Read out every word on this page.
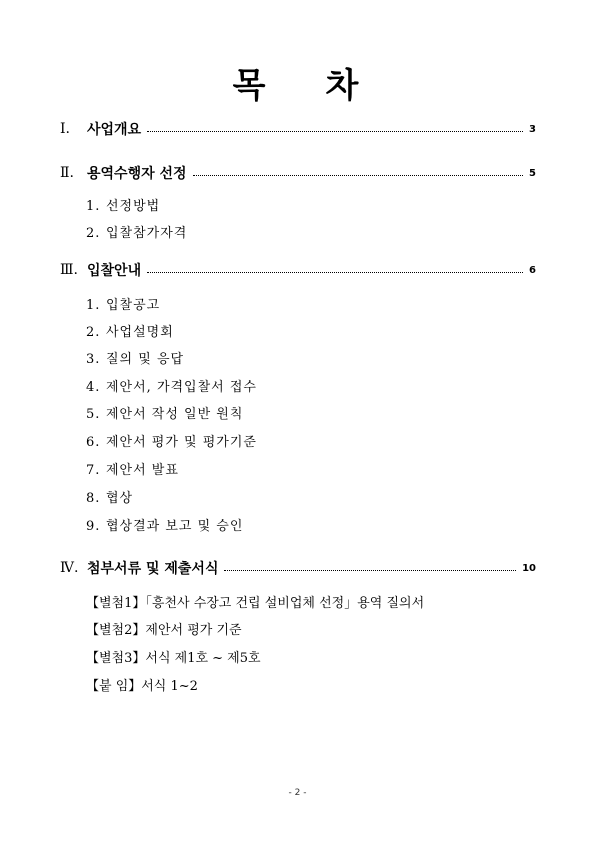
목 차
Ⅰ.	사업개요	3
Ⅱ. 용역수행자 선정	5
1. 선정방법
2. 입찰참가자격
Ⅲ. 입찰안내	6
1. 입찰공고
2. 사업설명회
3. 질의 및 응답
4. 제안서, 가격입찰서 접수
5. 제안서 작성 일반 원칙
6. 제안서 평가 및 평가기준
7. 제안서 발표
8. 협상
9. 협상결과 보고 및 승인
Ⅳ. 첨부서류 및 제출서식	10
【별첨1】「흥천사 수장고 건립 설비업체 선정」용역 질의서
【별첨2】제안서 평가 기준
【별첨3】서식 제1호 ~ 제5호
【붙 임】서식 1~2
- 2 -
